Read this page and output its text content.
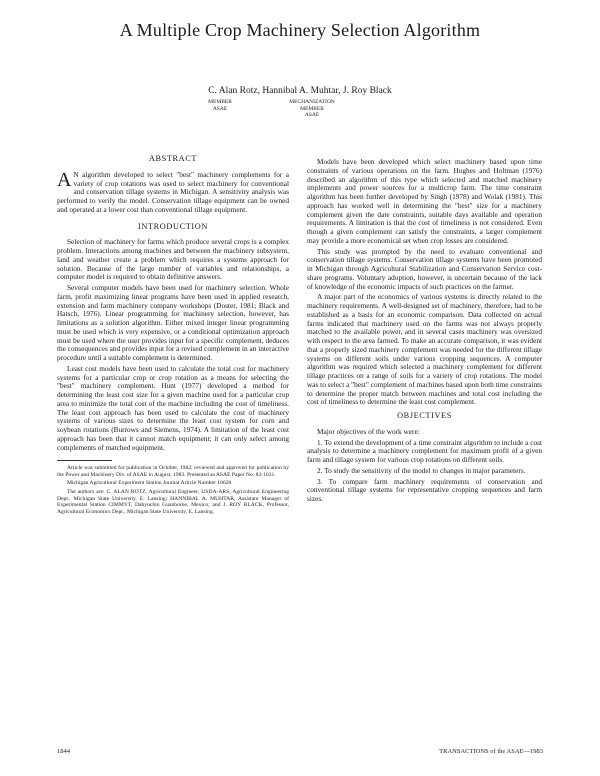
A Multiple Crop Machinery Selection Algorithm
C. Alan Rotz, Hannibal A. Muhtar, J. Roy Black
MEMBER
ASAE
MECHANIZATION
MEMBER
ASAE
ABSTRACT

A N algorithm developed to select "best" machinery complements for a variety of crop rotations was used to select machinery for conventional and conservation tillage systems in Michigan. A sensitivity analysis was performed to verify the model. Conservation tillage equipment can be owned and operated at a lower cost than conventional tillage equipment.

INTRODUCTION

Selection of machinery for farms which produce several crops is a complex problem. Interactions among machines and between the machinery subsystem, land and weather create a problem which requires a systems approach for solution. Because of the large number of variables and relationships, a computer model is required to obtain definitive answers.

Several computer models have been used for machinery selection. Whole farm, profit maximizing linear programs have been used in applied research, extension and farm machinery company workshops (Doster, 1981; Black and Hatsch, 1976). Linear programming for machinery selection, however, has limitations as a solution algorithm. Either mixed integer linear programming must be used which is very expensive, or a conditional optimization approach must be used where the user provides input for a specific complement, deduces the consequences and provides input for a revised complement in an interactive procedure until a suitable complement is determined.

Least cost models have been used to calculate the total cost for machinery systems for a particular crop or crop rotation as a means for selecting the "best" machinery complement. Hunt (1977) developed a method for determining the least cost size for a given machine used for a particular crop area to minimize the total cost of the machine including the cost of timeliness. The least cost approach has been used to calculate the cost of machinery systems of various sizes to determine the least cost system for corn and soybean rotations (Burrows and Siemens, 1974). A limitation of the least cost approach has been that it cannot match equipment; it can only select among complements of matched equipment.

Article was submitted for publication in October, 1982; reviewed and approved for publication by the Power and Machinery Div. of ASAE in August, 1983. Presented as ASAE Paper No. 82-1031.

Michigan Agricultural Experiment Station Journal Article Number 10628.

The authors are: C. ALAN ROTZ, Agricultural Engineer, USDA-ARS, Agricultural Engineering Dept., Michigan State University, E. Lansing; HANNIBAL A. MUHTAR, Assistant Manager of Experimental Station CIMMYT, Dabyuchin Guanhorne, Mexico; and J. ROY BLACK, Professor, Agricultural Economics Dept., Michigan State University, E. Lansing.

Models have been developed which select machinery based upon time constraints of various operations on the farm. Hughes and Holtman (1976) described an algorithm of this type which selected and matched machinery implements and power sources for a multicrop farm. The time constraint algorithm has been further developed by Singh (1978) and Wolak (1981). This approach has worked well in determining the "best" size for a machinery complement given the date constraints, suitable days available and operation requirements. A limitation is that the cost of timeliness is not considered. Even though a given complement can satisfy the constraints, a larger complement may provide a more economical set when crop losses are considered.

This study was prompted by the need to evaluate conventional and conservation tillage systems. Conservation tillage systems have been promoted in Michigan through Agricultural Stabilization and Conservation Service cost-share programs. Voluntary adoption, however, is uncertain because of the lack of knowledge of the economic impacts of such practices on the farmer.

A major part of the economics of various systems is directly related to the machinery requirements. A well-designed set of machinery, therefore, had to be established as a basis for an economic comparison. Data collected on actual farms indicated that machinery used on the farms was not always properly matched to the available power, and in several cases machinery was oversized with respect to the area farmed. To make an accurate comparison, it was evident that a properly sized machinery complement was needed for the different tillage systems on different soils under various cropping sequences. A computer algorithm was required which selected a machinery complement for different tillage practices on a range of soils for a variety of crop rotations. The model was to select a "best" complement of machines based upon both time constraints to determine the proper match between machines and total cost including the cost of timeliness to determine the least cost complement.

OBJECTIVES

Major objectives of the work were:

1. To extend the development of a time constraint algorithm to include a cost analysis to determine a machinery complement for maximum profit of a given farm and tillage system for various crop rotations on different soils.

2. To study the sensitivity of the model to changes in major parameters.

3. To compare farm machinery requirements of conservation and conventional tillage systems for representative cropping sequences and farm sizes.

1844	TRANSACTIONS of the ASAE—1983
